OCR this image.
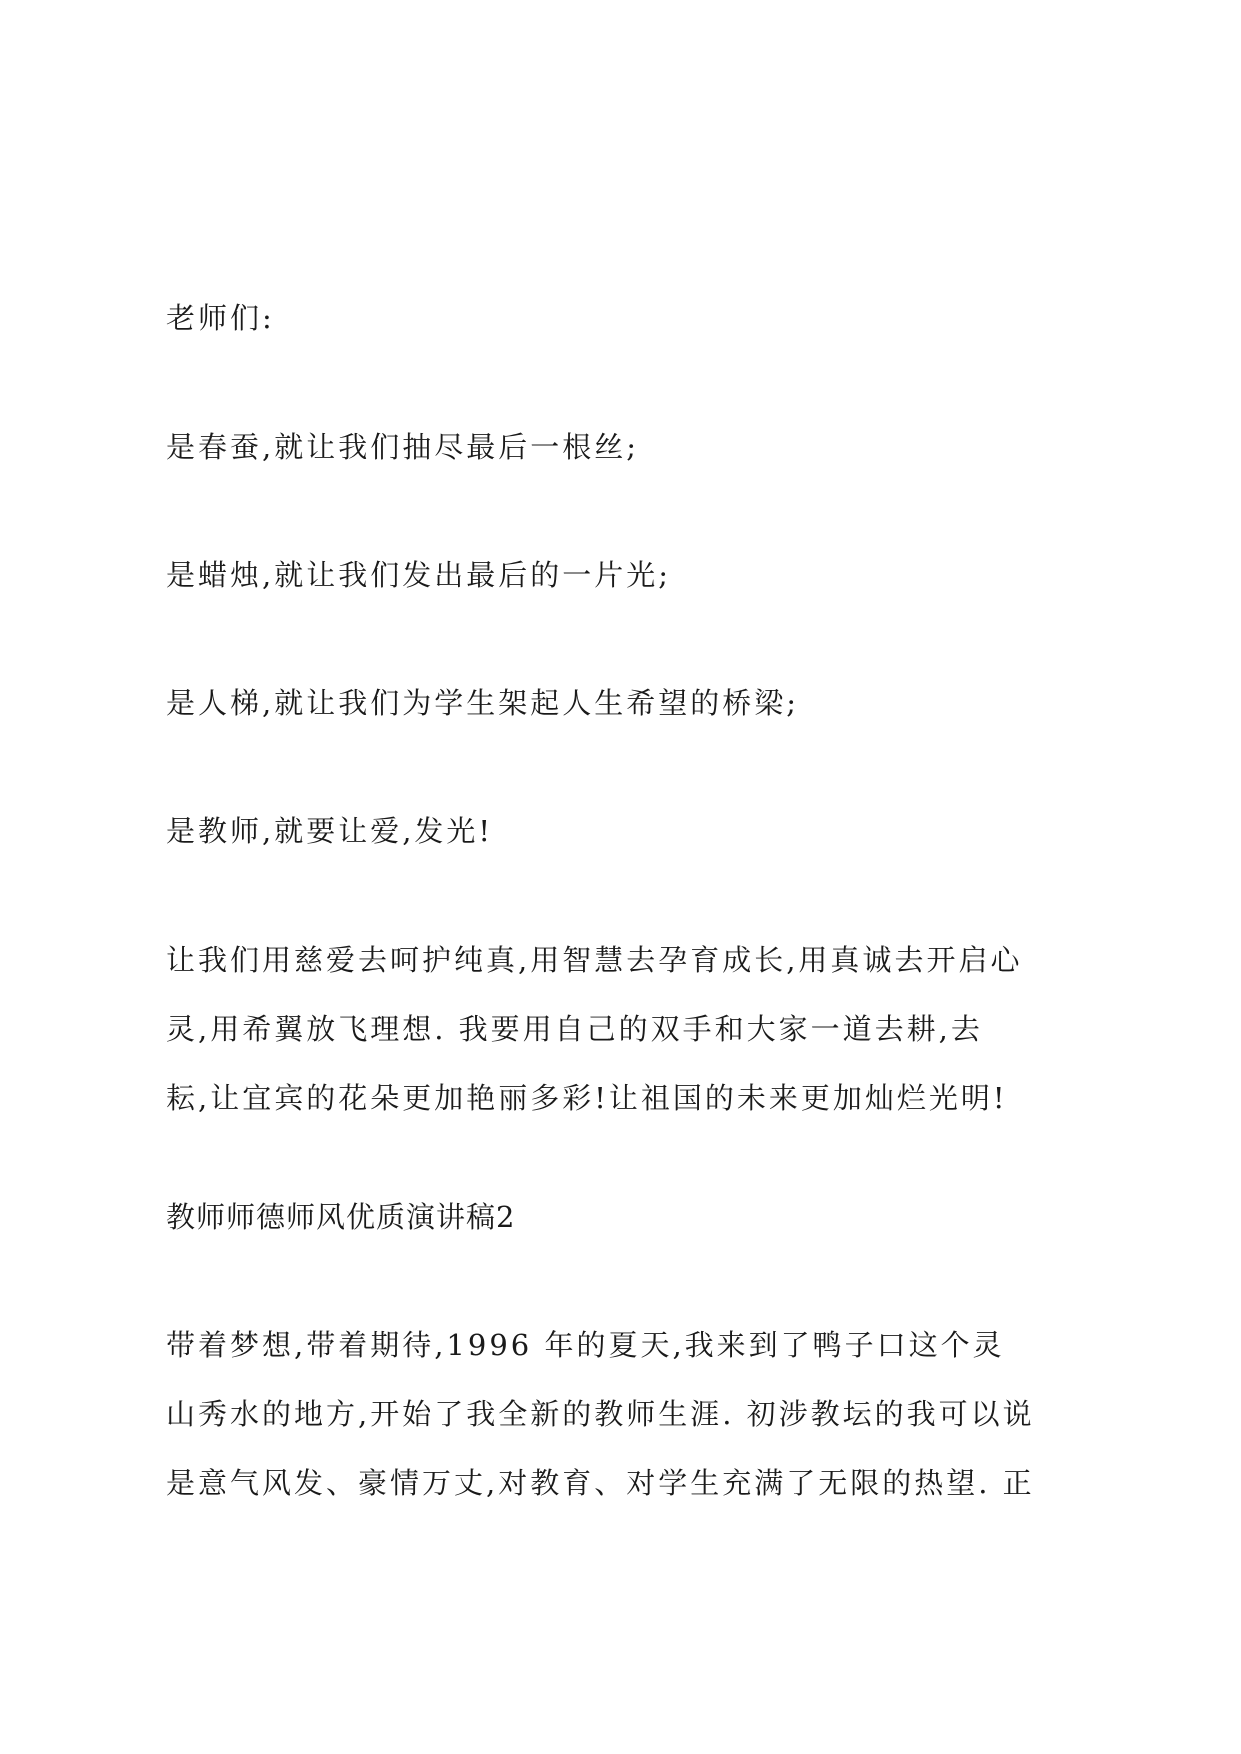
老师们:
是春蚕,就让我们抽尽最后一根丝;
是蜡烛,就让我们发出最后的一片光;
是人梯,就让我们为学生架起人生希望的桥梁;
是教师,就要让爱,发光!
让我们用慈爱去呵护纯真,用智慧去孕育成长,用真诚去开启心
灵,用希翼放飞理想. 我要用自己的双手和大家一道去耕,去
耘,让宜宾的花朵更加艳丽多彩!让祖国的未来更加灿烂光明!
教师师德师风优质演讲稿2
带着梦想,带着期待,1996 年的夏天,我来到了鸭子口这个灵
山秀水的地方,开始了我全新的教师生涯. 初涉教坛的我可以说
是意气风发、豪情万丈,对教育、对学生充满了无限的热望. 正
